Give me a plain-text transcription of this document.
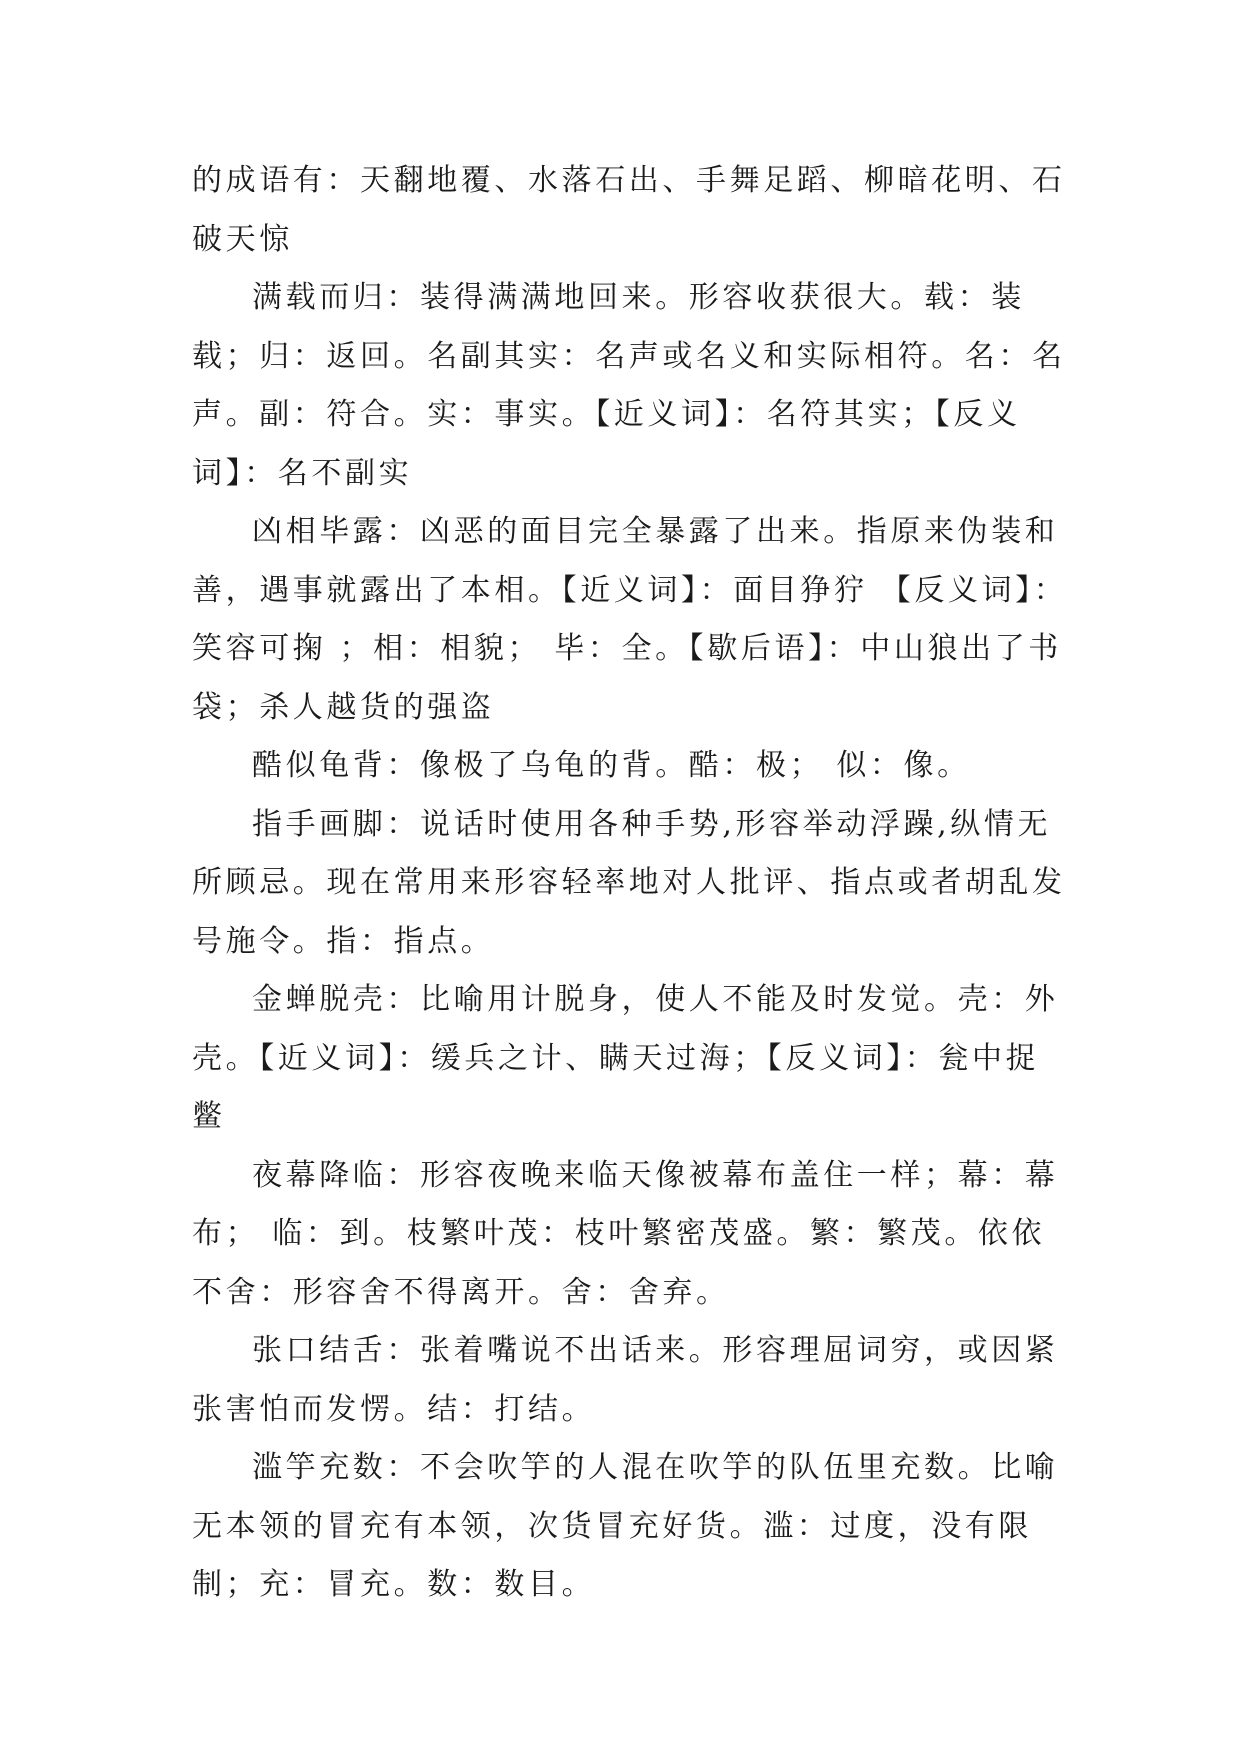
的成语有：天翻地覆、水落石出、手舞足蹈、柳暗花明、石破天惊

满载而归：装得满满地回来。形容收获很大。载：装载；归：返回。名副其实：名声或名义和实际相符。名：名声。副：符合。实：事实。【近义词】：名符其实；【反义词】：名不副实

凶相毕露：凶恶的面目完全暴露了出来。指原来伪装和善，遇事就露出了本相。【近义词】：面目狰狞 【反义词】：笑容可掬 ；相：相貌； 毕：全。【歇后语】：中山狼出了书袋；杀人越货的强盗

酷似龟背：像极了乌龟的背。酷：极； 似：像。

指手画脚：说话时使用各种手势,形容举动浮躁,纵情无所顾忌。现在常用来形容轻率地对人批评、指点或者胡乱发号施令。指：指点。

金蝉脱壳：比喻用计脱身，使人不能及时发觉。壳：外壳。【近义词】：缓兵之计、瞒天过海；【反义词】：瓮中捉鳖

夜幕降临：形容夜晚来临天像被幕布盖住一样；幕：幕布； 临：到。枝繁叶茂：枝叶繁密茂盛。繁：繁茂。依依不舍：形容舍不得离开。舍：舍弃。

张口结舌：张着嘴说不出话来。形容理屈词穷，或因紧张害怕而发愣。结：打结。

滥竽充数：不会吹竽的人混在吹竽的队伍里充数。比喻无本领的冒充有本领，次货冒充好货。滥：过度，没有限制；充：冒充。数：数目。
